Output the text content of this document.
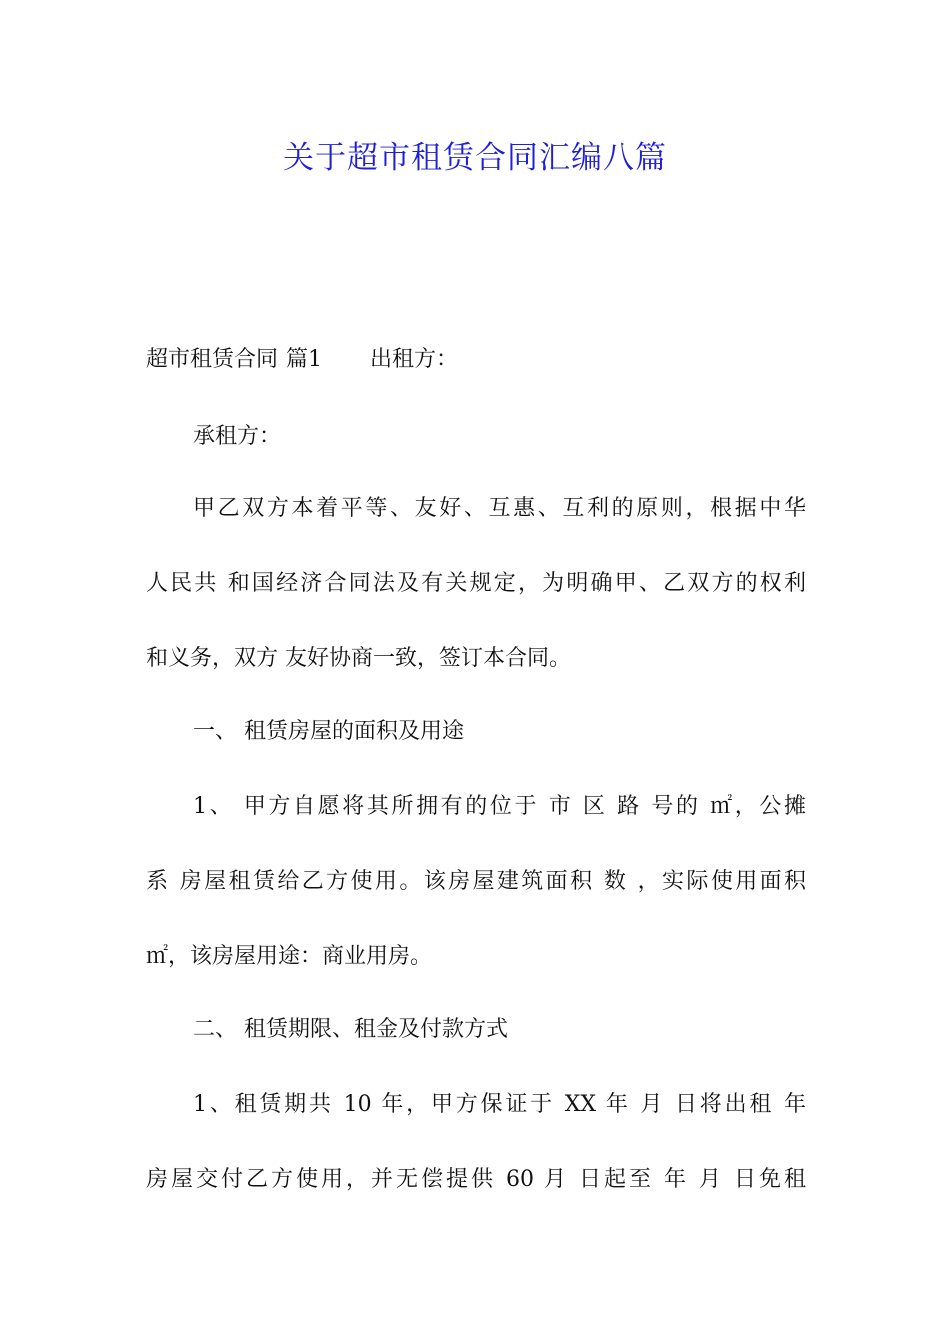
关于超市租赁合同汇编八篇
超市租赁合同 篇1 出租方：
承租方：
甲乙双方本着平等、友好、互惠、互利的原则，根据中华
人民共 和国经济合同法及有关规定，为明确甲、乙双方的权利
和义务，双方 友好协商一致，签订本合同。
一、 租赁房屋的面积及用途
1、 甲方自愿将其所拥有的位于 市 区 路 号的 ㎡，公摊
系 房屋租赁给乙方使用。该房屋建筑面积 数 ，实际使用面积
㎡，该房屋用途：商业用房。
二、 租赁期限、租金及付款方式
1、租赁期共 10 年，甲方保证于 XX 年 月 日将出租 年
房屋交付乙方使用，并无偿提供 60 月 日起至 年 月 日免租
